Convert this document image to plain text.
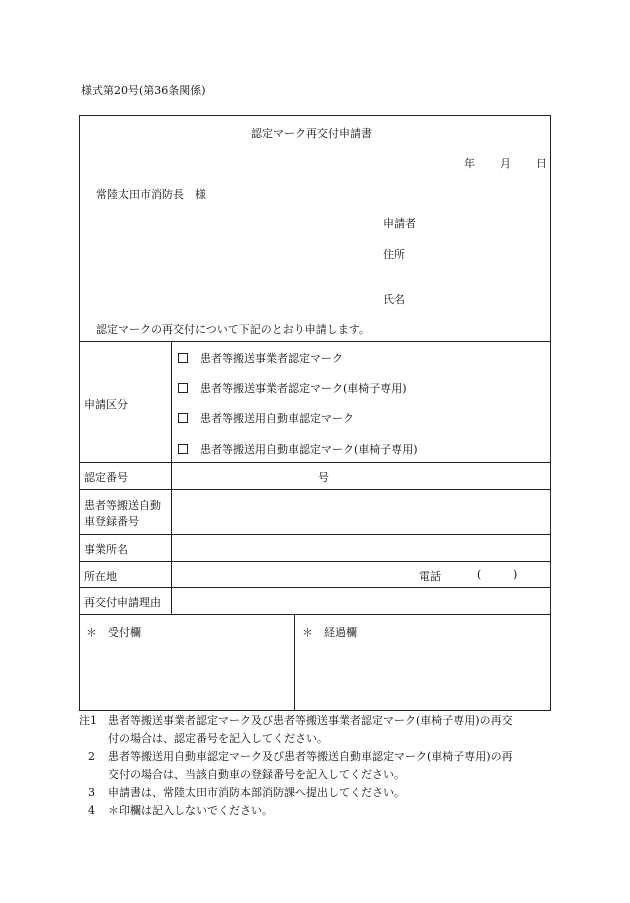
様式第20号(第36条関係)
認定マーク再交付申請書
年 月 日
常陸太田市消防長　様
申請者
住所
氏名
認定マークの再交付について下記のとおり申請します。
申請区分
患者等搬送事業者認定マーク
患者等搬送事業者認定マーク(車椅子専用)
患者等搬送用自動車認定マーク
患者等搬送用自動車認定マーク(車椅子専用)
認定番号	号
患者等搬送自動
車登録番号
事業所名
所在地	電話	(	)
再交付申請理由
＊　受付欄	＊　経過欄
注1	患者等搬送事業者認定マーク及び患者等搬送事業者認定マーク(車椅子専用)の再交
付の場合は、認定番号を記入してください。
2	患者等搬送用自動車認定マーク及び患者等搬送自動車認定マーク(車椅子専用)の再
交付の場合は、当該自動車の登録番号を記入してください。
3	申請書は、常陸太田市消防本部消防課へ提出してください。
4	＊印欄は記入しないでください。
